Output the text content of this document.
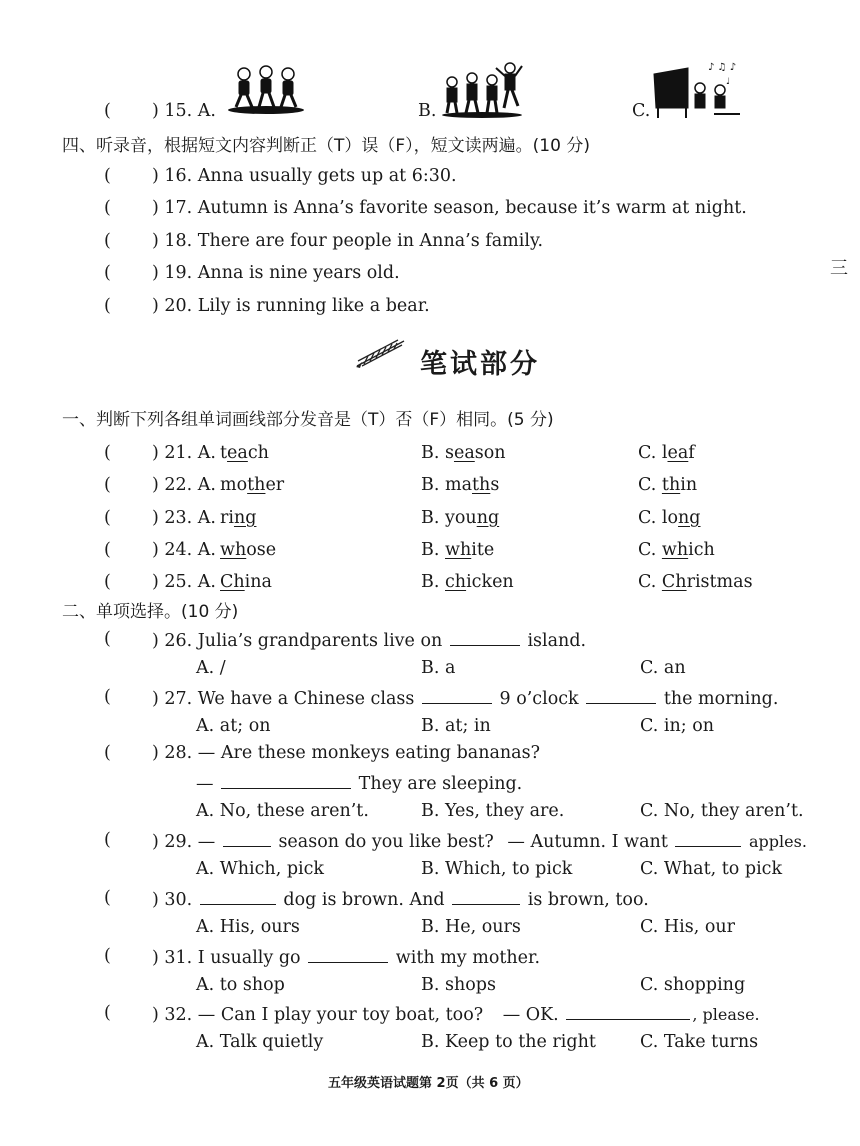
( ) 15. A.	B.	C.
♪ ♫ ♪
♩
四、听录音，根据短文内容判断正（T）误（F），短文读两遍。(10 分)
( ) 16. Anna usually gets up at 6:30.
( ) 17. Autumn is Anna’s favorite season, because it’s warm at night.
( ) 18. There are four people in Anna’s family.
( ) 19. Anna is nine years old.
( ) 20. Lily is running like a bear.
三
笔试部分
一、判断下列各组单词画线部分发音是（T）否（F）相同。(5 分)
( ) 21. A. teach	B. season	C. leaf
( ) 22. A. mother	B. maths	C. thin
( ) 23. A. ring	B. young	C. long
( ) 24. A. whose	B. white	C. which
( ) 25. A. China	B. chicken	C. Christmas
二、单项选择。(10 分)
( ) 26. Julia’s grandparents live on	island.
A. /	B. a	C. an
( ) 27. We have a Chinese class	9 o’clock	the morning.
A. at; on	B. at; in	C. in; on
( ) 28. — Are these monkeys eating bananas?
—	They are sleeping.
A. No, these aren’t.	B. Yes, they are.	C. No, they aren’t.
( ) 29. —	season do you like best? — Autumn. I want	apples.
A. Which, pick	B. Which, to pick	C. What, to pick
( ) 30.	dog is brown. And	is brown, too.
A. His, ours	B. He, ours	C. His, our
( ) 31. I usually go	with my mother.
A. to shop	B. shops	C. shopping
( ) 32. — Can I play your toy boat, too? — OK.	, please.
A. Talk quietly	B. Keep to the right	C. Take turns
五年级英语试题第 2页（共 6 页）
